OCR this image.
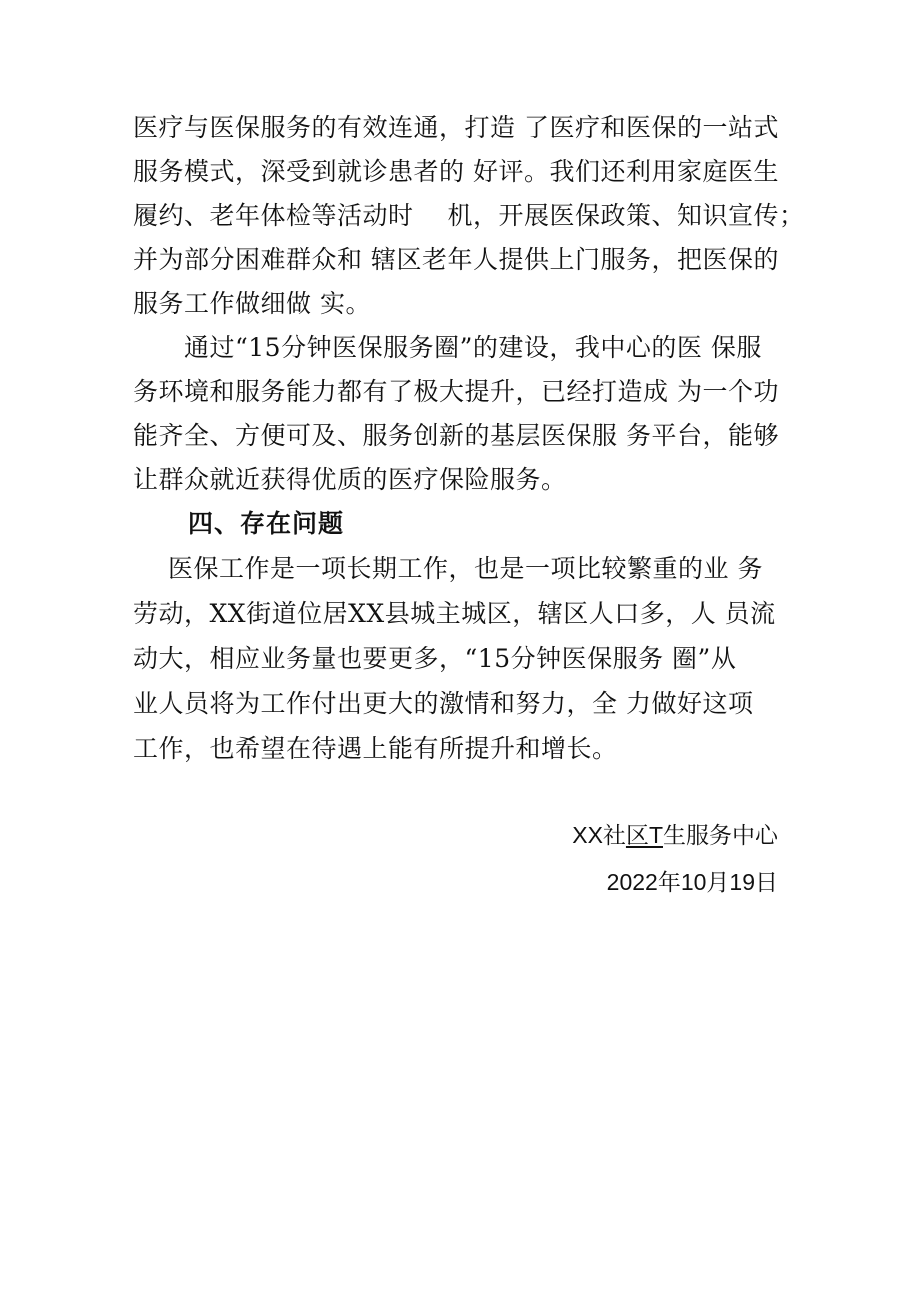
医疗与医保服务的有效连通，打造 了医疗和医保的一站式
服务模式，深受到就诊患者的 好评。我们还利用家庭医生
履约、老年体检等活动时　 机，开展医保政策、知识宣传；
并为部分困难群众和 辖区老年人提供上门服务，把医保的
服务工作做细做 实。
　　通过“15分钟医保服务圈”的建设，我中心的医 保服
务环境和服务能力都有了极大提升，已经打造成 为一个功
能齐全、方便可及、服务创新的基层医保服 务平台，能够
让群众就近获得优质的医疗保险服务。
四、存在问题
医保工作是一项长期工作，也是一项比较繁重的业 务
劳动，XX街道位居XX县城主城区，辖区人口多，人 员流
动大，相应业务量也要更多，“15分钟医保服务 圈”从
业人员将为工作付出更大的激情和努力，全 力做好这项
工作，也希望在待遇上能有所提升和增长。
XX社区T生服务中心
2022年10月19日
